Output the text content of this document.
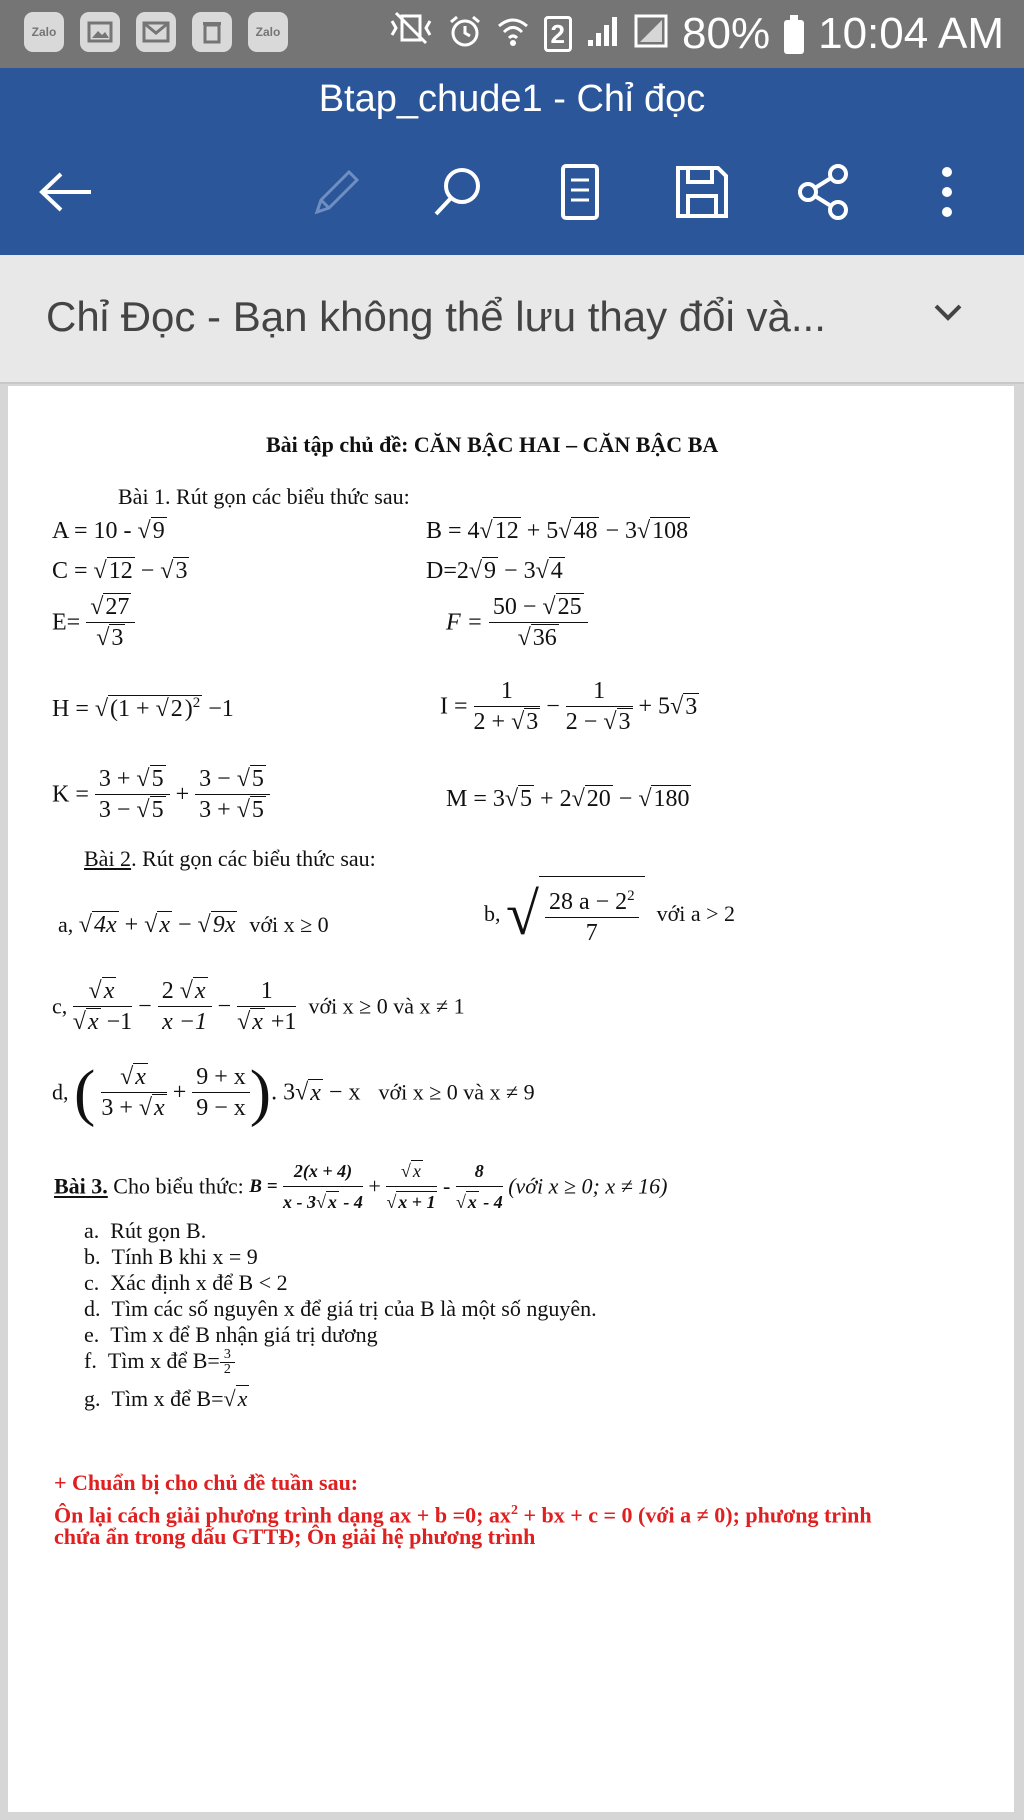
Zalo	Zalo	2	80% 10:04 AM
Btap_chude1 - Chỉ đọc
Chỉ Đọc - Bạn không thể lưu thay đổi và...
Bài tập chủ đề: CĂN BẬC HAI – CĂN BẬC BA
Bài 1. Rút gọn các biểu thức sau:
A = 10 - √9	B = 4√12 + 5√48 − 3√108
C = √12 − √3	D=2√9 − 3√4
$E= \frac{√27}{√3}$	$F = \frac{50 - √25}{√36}$
$H = √(1 + √2)^2 -1$	$I = \frac{1}{2 + √3} - \frac{1}{2 - √3} + 5√3$
$K = \frac{3 + √5}{3 - √5} + \frac{3 - √5}{3 + √5}$	M = 3√5 + 2√20 − √180
Bài 2. Rút gọn các biểu thức sau:
a, √4x + √x − √9x với x ≥ 0	b, √ $\frac{28 a - 2^2}{7}$ với a > 2
c, $\frac{√x}{√x -1} - \frac{2 √x}{x -1} - \frac{1}{√x +1}$ với x ≥ 0 và x ≠ 1
d, ( $\frac{√x}{3 + √x} + \frac{9 + x}{9 - x}$ ). 3√x − x với x ≥ 0 và x ≠ 9
Bài 3. Cho biểu thức: $B = \frac{2(x + 4)}{x - 3√ x - 4} + \frac{√ x}{√ x + 1} - \frac{8}{√ x - 4}$ (với x ≥ 0; x ≠ 16)
a. Rút gọn B.
b. Tính B khi x = 9
c. Xác định x để B < 2
d. Tìm các số nguyên x để giá trị của B là một số nguyên.
e. Tìm x để B nhận giá trị dương
f. Tìm x để $B= \frac{3}{2}$
g. Tìm x để B=√x
+ Chuẩn bị cho chủ đề tuần sau:
Ôn lại cách giải phương trình dạng ax + b =0; $ax^2$ + bx + c = 0 (với a ≠ 0); phương trình
chứa ẩn trong dấu GTTĐ; Ôn giải hệ phương trình
